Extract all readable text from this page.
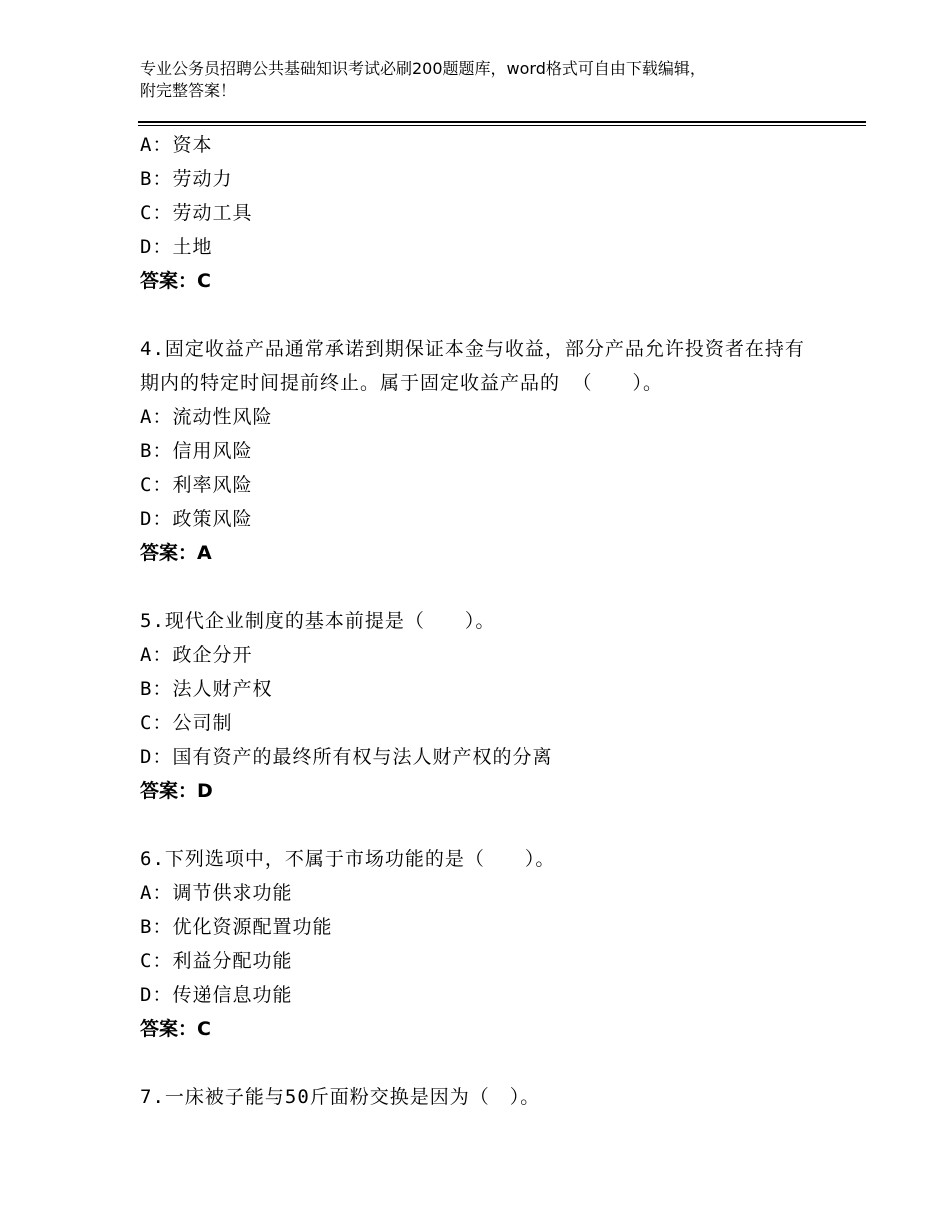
专业公务员招聘公共基础知识考试必刷200题题库，word格式可自由下载编辑，
附完整答案！
A：资本
B：劳动力
C：劳动工具
D：土地
答案：C
4.固定收益产品通常承诺到期保证本金与收益，部分产品允许投资者在持有期内的特定时间提前终止。属于固定收益产品的 （　　）。
A：流动性风险
B：信用风险
C：利率风险
D：政策风险
答案：A
5.现代企业制度的基本前提是（　　）。
A：政企分开
B：法人财产权
C：公司制
D：国有资产的最终所有权与法人财产权的分离
答案：D
6.下列选项中，不属于市场功能的是（　　）。
A：调节供求功能
B：优化资源配置功能
C：利益分配功能
D：传递信息功能
答案：C
7.一床被子能与50斤面粉交换是因为（　）。
